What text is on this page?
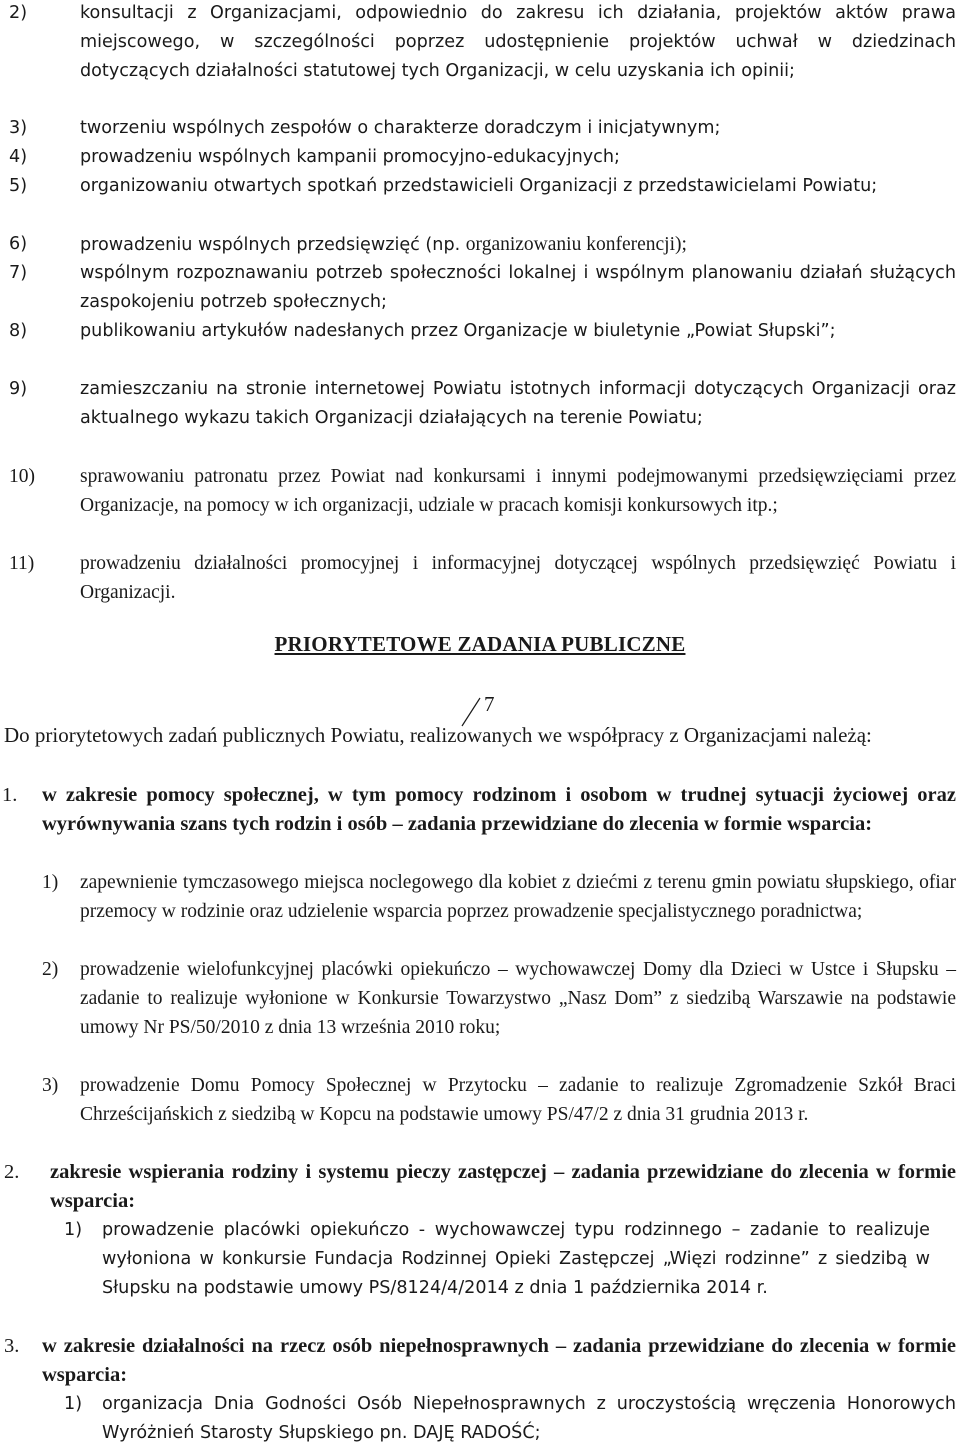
2)	konsultacji z Organizacjami, odpowiednio do zakresu ich działania, projektów aktów prawa miejscowego, w szczególności poprzez udostępnienie projektów uchwał w dziedzinach dotyczących działalności statutowej tych Organizacji, w celu uzyskania ich opinii;
3)	tworzeniu wspólnych zespołów o charakterze doradczym i inicjatywnym;
4)	prowadzeniu wspólnych kampanii promocyjno-edukacyjnych;
5)	organizowaniu otwartych spotkań przedstawicieli Organizacji z przedstawicielami Powiatu;
6)	prowadzeniu wspólnych przedsięwzięć (np. organizowaniu konferencji);
7)	wspólnym rozpoznawaniu potrzeb społeczności lokalnej i wspólnym planowaniu działań służących zaspokojeniu potrzeb społecznych;
8)	publikowaniu artykułów nadesłanych przez Organizacje w biuletynie „Powiat Słupski”;
9)	zamieszczaniu na stronie internetowej Powiatu istotnych informacji dotyczących Organizacji oraz aktualnego wykazu takich Organizacji działających na terenie Powiatu;
10) sprawowaniu patronatu przez Powiat nad konkursami i innymi podejmowanymi przedsięwzięciami przez Organizacje, na pomocy w ich organizacji, udziale w pracach komisji konkursowych itp.;
11) prowadzeniu działalności promocyjnej i informacyjnej dotyczącej wspólnych przedsięwzięć Powiatu i Organizacji.
PRIORYTETOWE ZADANIA PUBLICZNE
7

Do priorytetowych zadań publicznych Powiatu, realizowanych we współpracy z Organizacjami należą:

1. w zakresie pomocy społecznej, w tym pomocy rodzinom i osobom w trudnej sytuacji życiowej oraz wyrównywania szans tych rodzin i osób – zadania przewidziane do zlecenia w formie wsparcia:
1) zapewnienie tymczasowego miejsca noclegowego dla kobiet z dziećmi z terenu gmin powiatu słupskiego, ofiar przemocy w rodzinie oraz udzielenie wsparcia poprzez prowadzenie specjalistycznego poradnictwa;
2) prowadzenie wielofunkcyjnej placówki opiekuńczo – wychowawczej Domy dla Dzieci w Ustce i Słupsku – zadanie to realizuje wyłonione w Konkursie Towarzystwo „Nasz Dom” z siedzibą Warszawie na podstawie umowy Nr PS/50/2010 z dnia 13 września 2010 roku;
3) prowadzenie Domu Pomocy Społecznej w Przytocku – zadanie to realizuje Zgromadzenie Szkół Braci Chrześcijańskich z siedzibą w Kopcu na podstawie umowy PS/47/2 z dnia 31 grudnia 2013 r.
2. zakresie wspierania rodziny i systemu pieczy zastępczej – zadania przewidziane do zlecenia w formie wsparcia:
1) prowadzenie placówki opiekuńczo - wychowawczej typu rodzinnego – zadanie to realizuje wyłoniona w konkursie Fundacja Rodzinnej Opieki Zastępczej „Więzi rodzinne” z siedzibą w Słupsku na podstawie umowy PS/8124/4/2014 z dnia 1 października 2014 r.
3. w zakresie działalności na rzecz osób niepełnosprawnych – zadania przewidziane do zlecenia w formie wsparcia:
1) organizacja Dnia Godności Osób Niepełnosprawnych z uroczystością wręczenia Honorowych Wyróżnień Starosty Słupskiego pn. DAJĘ RADOŚĆ;
